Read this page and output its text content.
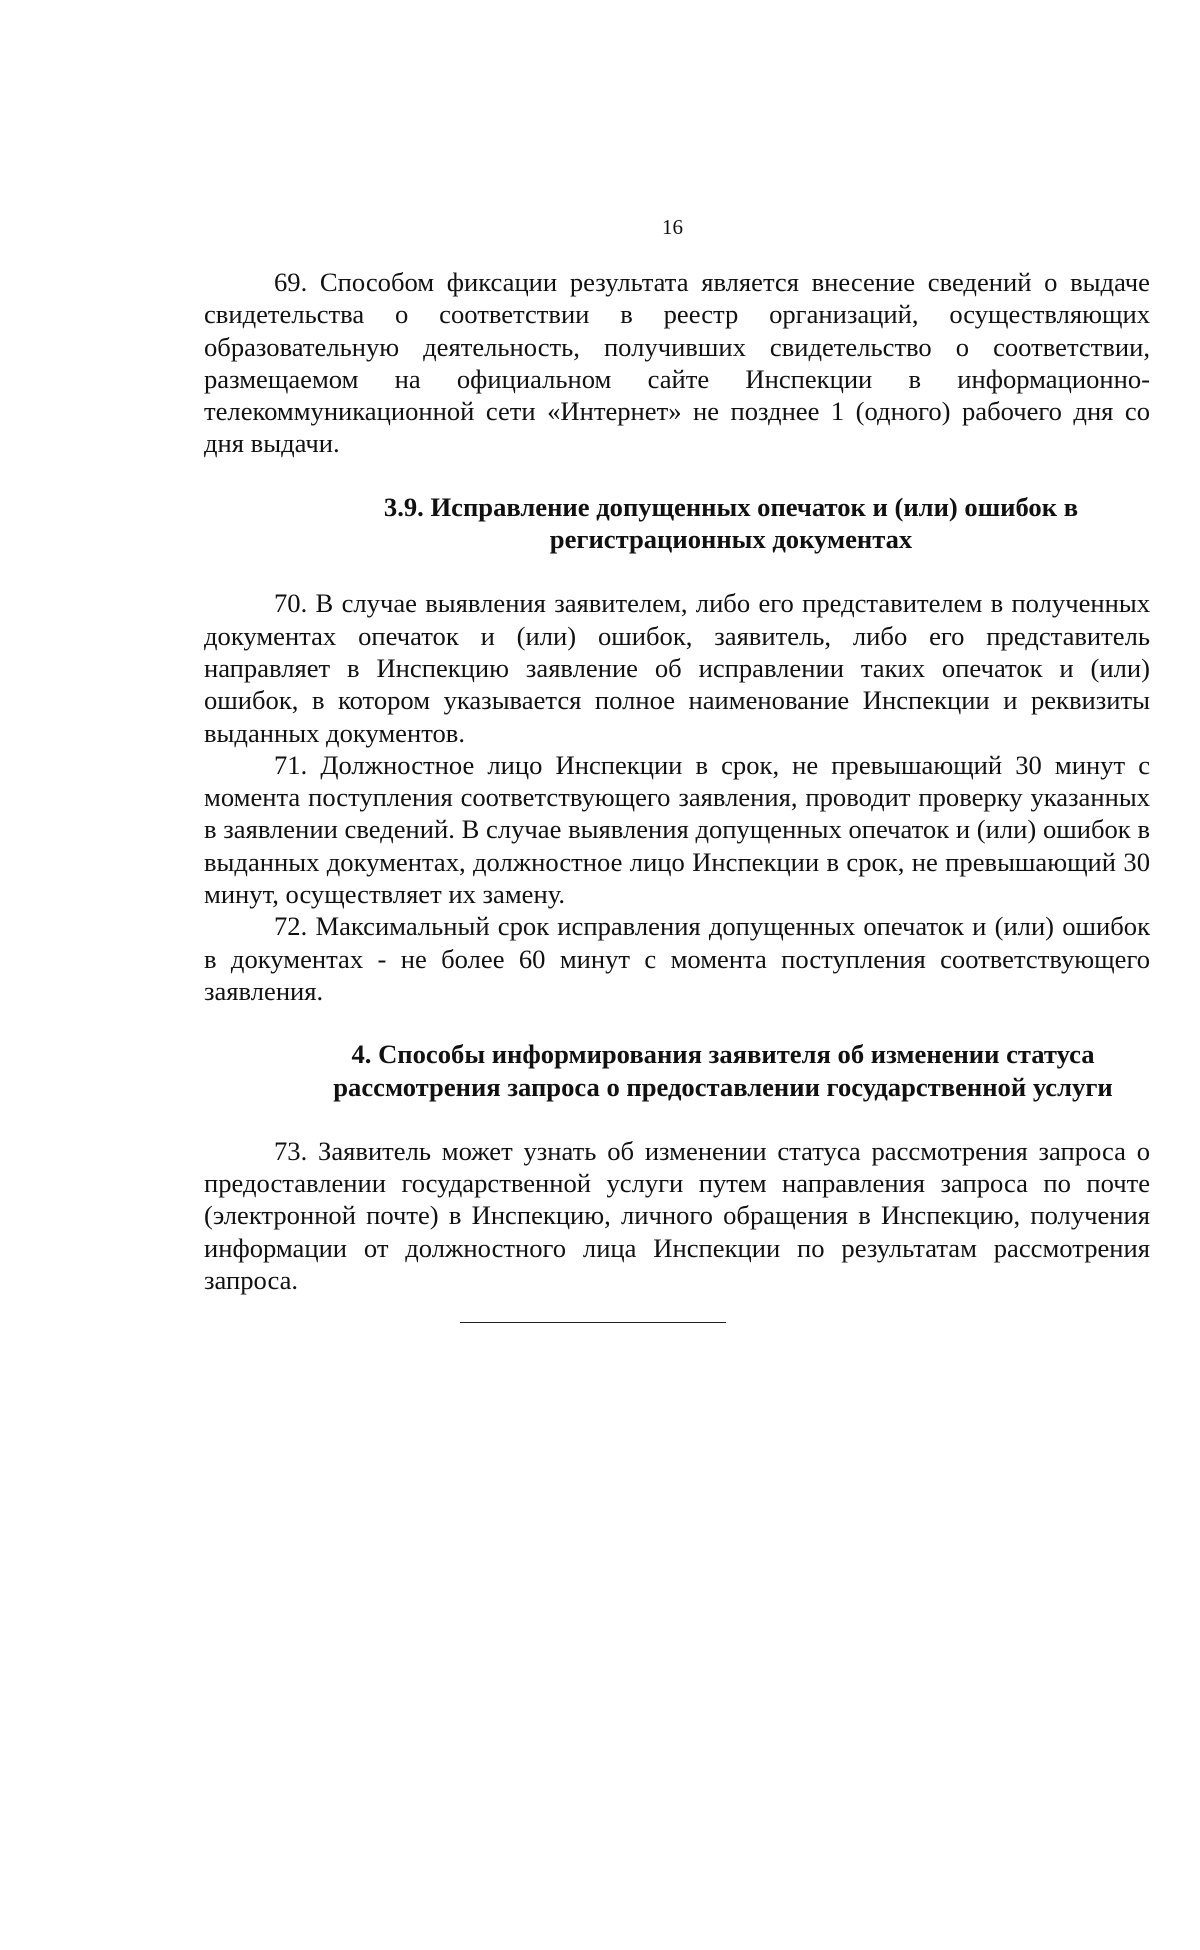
16

69. Способом фиксации результата является внесение сведений о выдаче свидетельства о соответствии в реестр организаций, осуществляющих образовательную деятельность, получивших свидетельство о соответствии, размещаемом на официальном сайте Инспекции в информационно-телекоммуникационной сети «Интернет» не позднее 1 (одного) рабочего дня со дня выдачи.

3.9. Исправление допущенных опечаток и (или) ошибок в
регистрационных документах

70. В случае выявления заявителем, либо его представителем в полученных документах опечаток и (или) ошибок, заявитель, либо его представитель направляет в Инспекцию заявление об исправлении таких опечаток и (или) ошибок, в котором указывается полное наименование Инспекции и реквизиты выданных документов.

71. Должностное лицо Инспекции в срок, не превышающий 30 минут с момента поступления соответствующего заявления, проводит проверку указанных в заявлении сведений. В случае выявления допущенных опечаток и (или) ошибок в выданных документах, должностное лицо Инспекции в срок, не превышающий 30 минут, осуществляет их замену.

72. Максимальный срок исправления допущенных опечаток и (или) ошибок в документах - не более 60 минут с момента поступления соответствующего заявления.

4. Способы информирования заявителя об изменении статуса
рассмотрения запроса о предоставлении государственной услуги

73. Заявитель может узнать об изменении статуса рассмотрения запроса о предоставлении государственной услуги путем направления запроса по почте (электронной почте) в Инспекцию, личного обращения в Инспекцию, получения информации от должностного лица Инспекции по результатам рассмотрения запроса.
